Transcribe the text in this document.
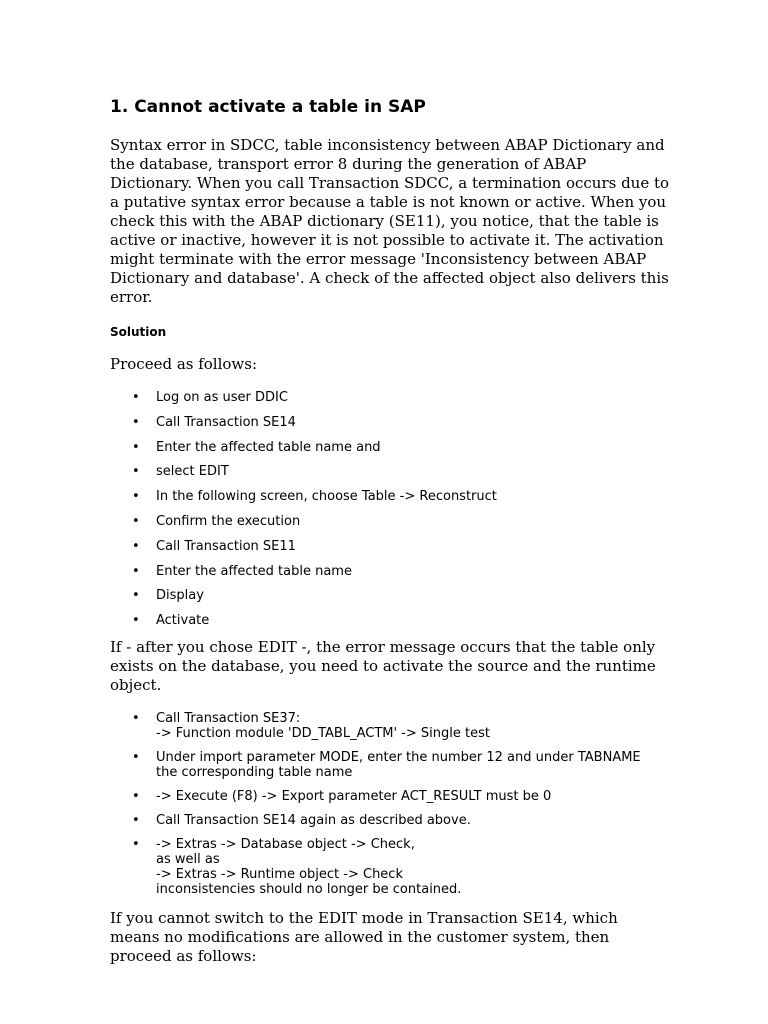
1. Cannot activate a table in SAP

Syntax error in SDCC, table inconsistency between ABAP Dictionary and the database, transport error 8 during the generation of ABAP Dictionary. When you call Transaction SDCC, a termination occurs due to a putative syntax error because a table is not known or active. When you check this with the ABAP dictionary (SE11), you notice, that the table is active or inactive, however it is not possible to activate it. The activation might terminate with the error message 'Inconsistency between ABAP Dictionary and database'. A check of the affected object also delivers this error.

Solution

Proceed as follows:

• Log on as user DDIC
• Call Transaction SE14
• Enter the affected table name and
• select EDIT
• In the following screen, choose Table -> Reconstruct
• Confirm the execution
• Call Transaction SE11
• Enter the affected table name
• Display
• Activate

If - after you chose EDIT -, the error message occurs that the table only exists on the database, you need to activate the source and the runtime object.

• Call Transaction SE37:
-> Function module 'DD_TABL_ACTM' -> Single test
• Under import parameter MODE, enter the number 12 and under TABNAME
the corresponding table name
• -> Execute (F8) -> Export parameter ACT_RESULT must be 0
• Call Transaction SE14 again as described above.
• -> Extras -> Database object -> Check,
as well as
-> Extras -> Runtime object -> Check
inconsistencies should no longer be contained.

If you cannot switch to the EDIT mode in Transaction SE14, which means no modifications are allowed in the customer system, then proceed as follows:
